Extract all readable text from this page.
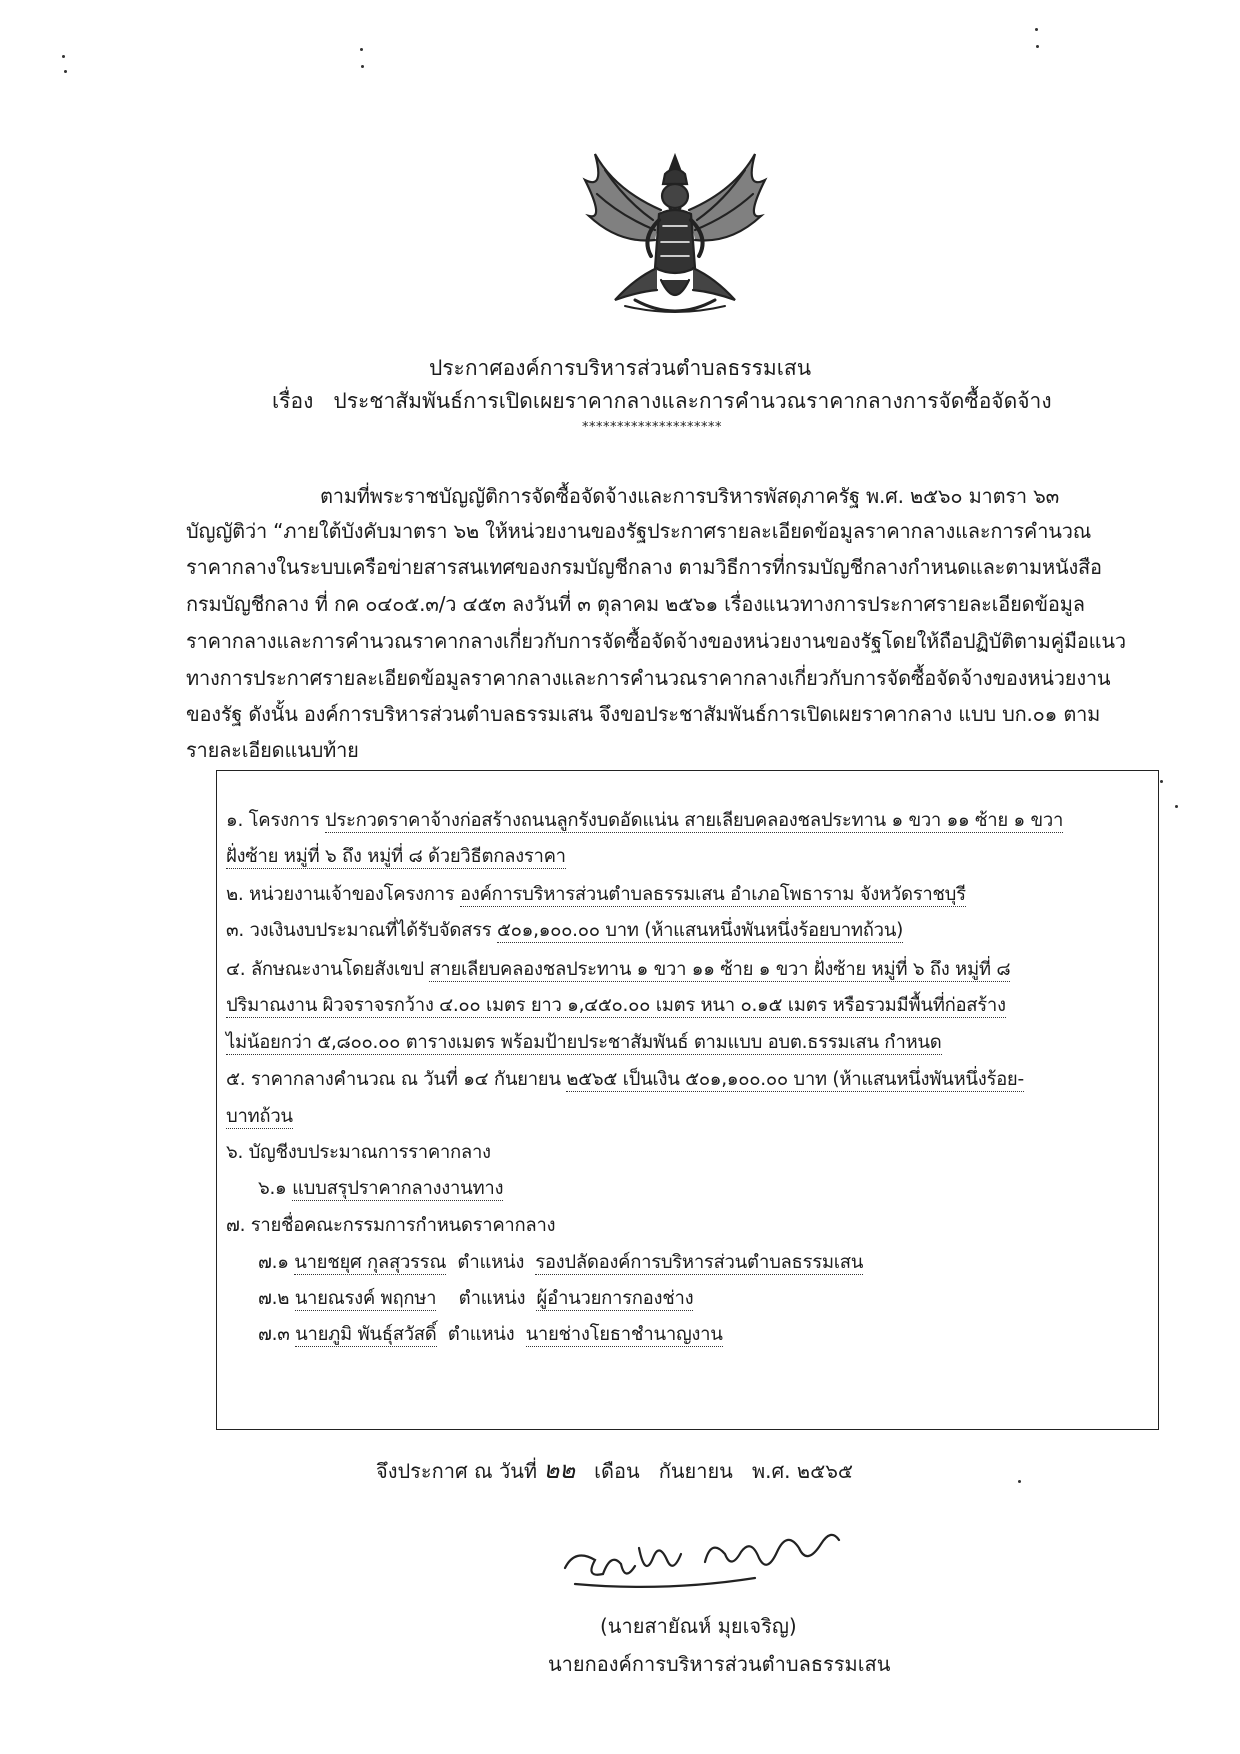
ประกาศองค์การบริหารส่วนตำบลธรรมเสน
เรื่อง ประชาสัมพันธ์การเปิดเผยราคากลางและการคำนวณราคากลางการจัดซื้อจัดจ้าง
********************
ตามที่พระราชบัญญัติการจัดซื้อจัดจ้างและการบริหารพัสดุภาครัฐ พ.ศ. ๒๕๖๐ มาตรา ๖๓
บัญญัติว่า “ภายใต้บังคับมาตรา ๖๒ ให้หน่วยงานของรัฐประกาศรายละเอียดข้อมูลราคากลางและการคำนวณ
ราคากลางในระบบเครือข่ายสารสนเทศของกรมบัญชีกลาง ตามวิธีการที่กรมบัญชีกลางกำหนดและตามหนังสือ
กรมบัญชีกลาง ที่ กค ๐๔๐๕.๓/ว ๔๕๓ ลงวันที่ ๓ ตุลาคม ๒๕๖๑ เรื่องแนวทางการประกาศรายละเอียดข้อมูล
ราคากลางและการคำนวณราคากลางเกี่ยวกับการจัดซื้อจัดจ้างของหน่วยงานของรัฐโดยให้ถือปฏิบัติตามคู่มือแนว
ทางการประกาศรายละเอียดข้อมูลราคากลางและการคำนวณราคากลางเกี่ยวกับการจัดซื้อจัดจ้างของหน่วยงาน
ของรัฐ ดังนั้น องค์การบริหารส่วนตำบลธรรมเสน จึงขอประชาสัมพันธ์การเปิดเผยราคากลาง แบบ บก.๐๑ ตาม
รายละเอียดแนบท้าย
๑. โครงการ ประกวดราคาจ้างก่อสร้างถนนลูกรังบดอัดแน่น สายเลียบคลองชลประทาน ๑ ขวา ๑๑ ซ้าย ๑ ขวา
ฝั่งซ้าย หมู่ที่ ๖ ถึง หมู่ที่ ๘ ด้วยวิธีตกลงราคา
๒. หน่วยงานเจ้าของโครงการ องค์การบริหารส่วนตำบลธรรมเสน อำเภอโพธาราม จังหวัดราชบุรี
๓. วงเงินงบประมาณที่ได้รับจัดสรร ๕๐๑,๑๐๐.๐๐ บาท (ห้าแสนหนึ่งพันหนึ่งร้อยบาทถ้วน)
๔. ลักษณะงานโดยสังเขป สายเลียบคลองชลประทาน ๑ ขวา ๑๑ ซ้าย ๑ ขวา ฝั่งซ้าย หมู่ที่ ๖ ถึง หมู่ที่ ๘
ปริมาณงาน ผิวจราจรกว้าง ๔.๐๐ เมตร ยาว ๑,๔๕๐.๐๐ เมตร หนา ๐.๑๕ เมตร หรือรวมมีพื้นที่ก่อสร้าง
ไม่น้อยกว่า ๕,๘๐๐.๐๐ ตารางเมตร พร้อมป้ายประชาสัมพันธ์ ตามแบบ อบต.ธรรมเสน กำหนด
๕. ราคากลางคำนวณ ณ วันที่ ๑๔ กันยายน ๒๕๖๕ เป็นเงิน ๕๐๑,๑๐๐.๐๐ บาท (ห้าแสนหนึ่งพันหนึ่งร้อย-
บาทถ้วน
๖. บัญชีงบประมาณการราคากลาง
๖.๑ แบบสรุปราคากลางงานทาง
๗. รายชื่อคณะกรรมการกำหนดราคากลาง
๗.๑ นายชยุศ กุลสุวรรณ ตำแหน่ง รองปลัดองค์การบริหารส่วนตำบลธรรมเสน
๗.๒ นายณรงค์ พฤกษา ตำแหน่ง ผู้อำนวยการกองช่าง
๗.๓ นายภูมิ พันธุ์สวัสดิ์ ตำแหน่ง นายช่างโยธาชำนาญงาน
จึงประกาศ ณ วันที่ ๒๒ เดือน กันยายน พ.ศ. ๒๕๖๕
(นายสายัณห์ มุยเจริญ)
นายกองค์การบริหารส่วนตำบลธรรมเสน
